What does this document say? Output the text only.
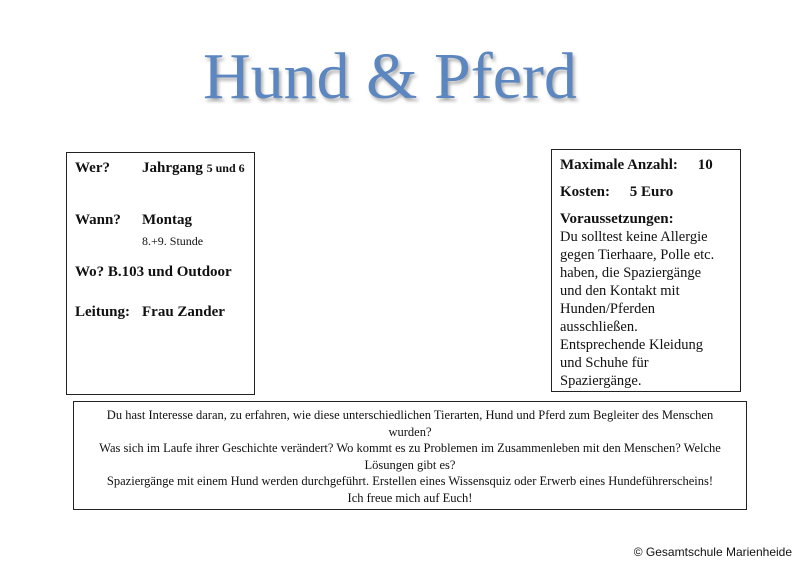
Hund & Pferd
Wer?	Jahrgang 5 und 6
Wann?	Montag
8.+9. Stunde
Wo? B.103 und Outdoor
Leitung: Frau Zander
Maximale Anzahl: 10
Kosten: 5 Euro
Voraussetzungen:
Du solltest keine Allergie
gegen Tierhaare, Polle etc.
haben, die Spaziergänge
und den Kontakt mit
Hunden/Pferden
ausschließen.
Entsprechende Kleidung
und Schuhe für
Spaziergänge.
Du hast Interesse daran, zu erfahren, wie diese unterschiedlichen Tierarten, Hund und Pferd zum Begleiter des Menschen wurden?
Was sich im Laufe ihrer Geschichte verändert? Wo kommt es zu Problemen im Zusammenleben mit den Menschen? Welche Lösungen gibt es?
Spaziergänge mit einem Hund werden durchgeführt. Erstellen eines Wissensquiz oder Erwerb eines Hundeführerscheins!
Ich freue mich auf Euch!
© Gesamtschule Marienheide
